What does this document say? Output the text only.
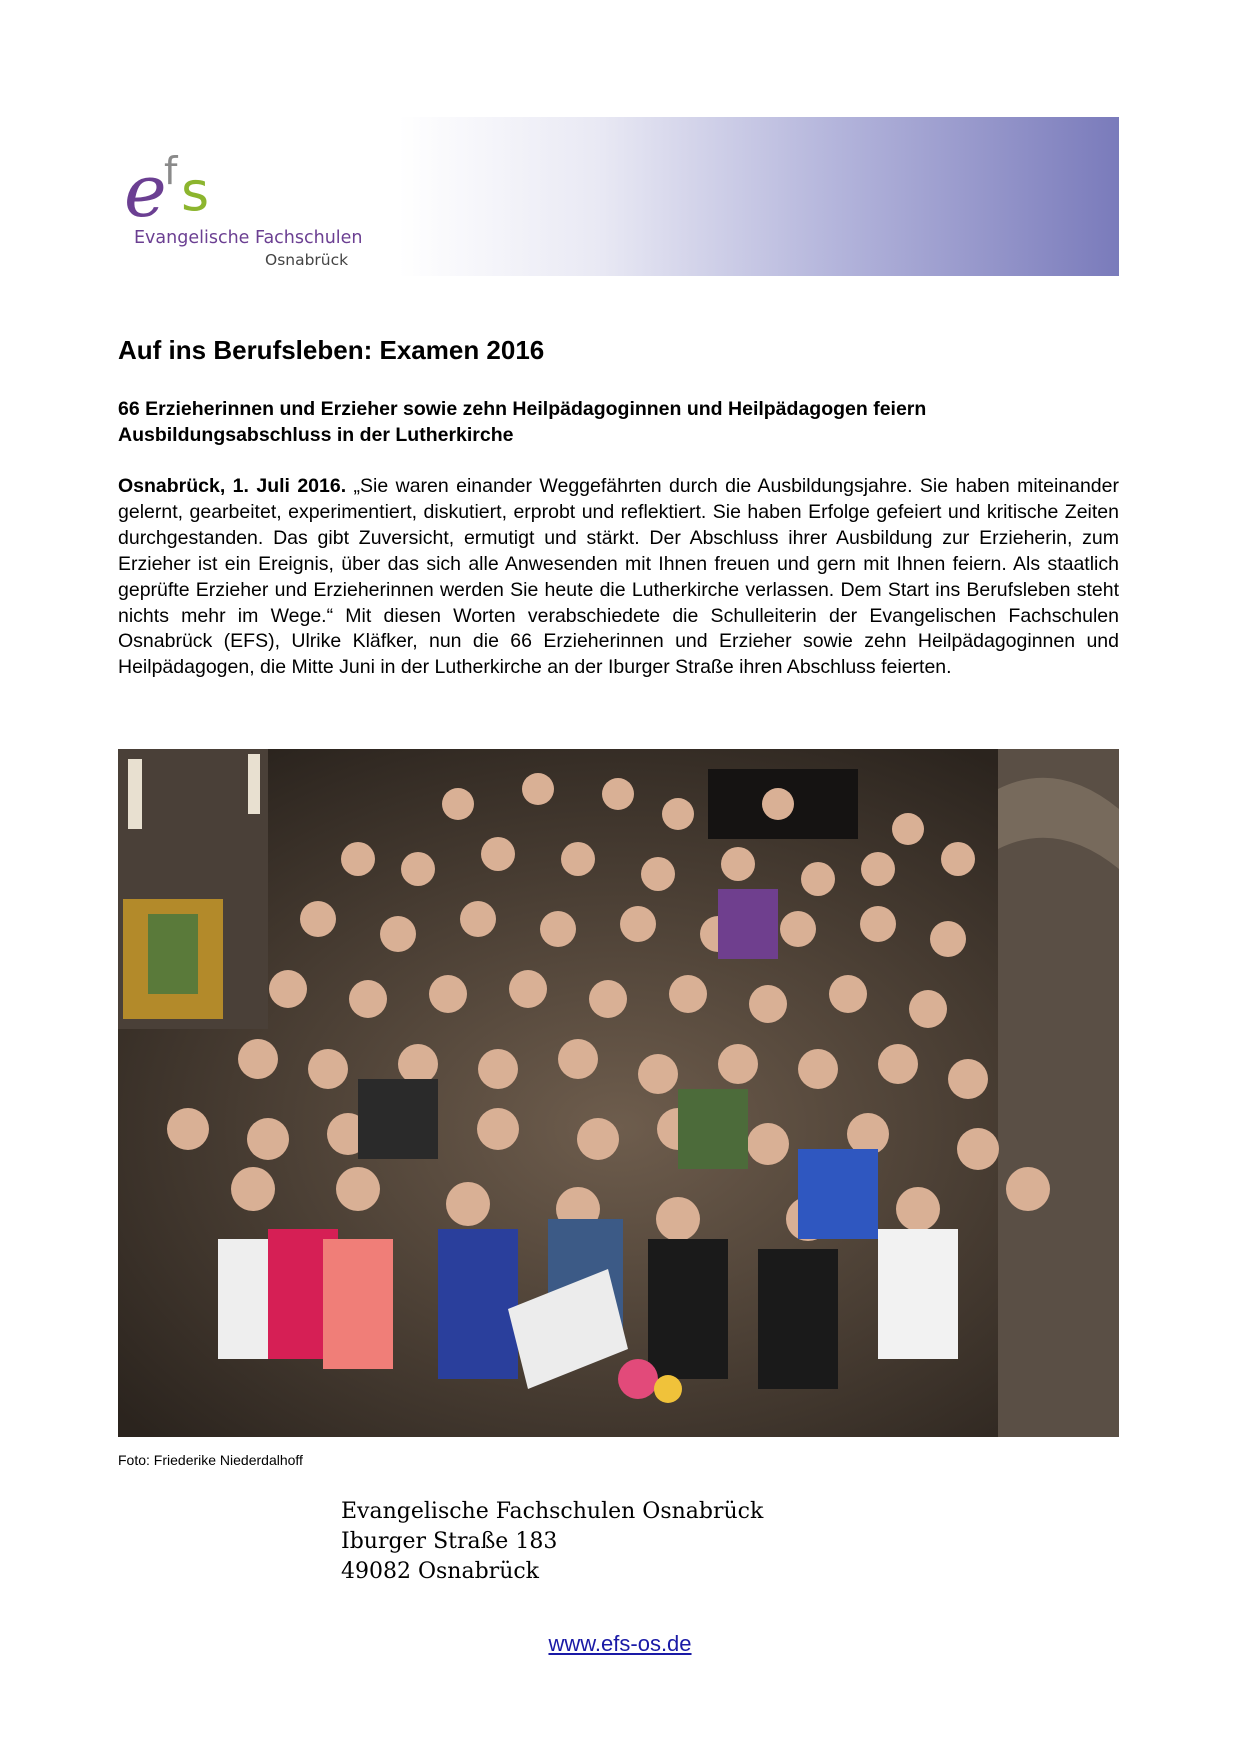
e
f s
Evangelische Fachschulen
Osnabrück
Auf ins Berufsleben: Examen 2016
66 Erzieherinnen und Erzieher sowie zehn Heilpädagoginnen und Heilpädagogen feiern Ausbildungsabschluss in der Lutherkirche

Osnabrück, 1. Juli 2016. „Sie waren einander Weggefährten durch die Ausbildungsjahre. Sie haben miteinander gelernt, gearbeitet, experimentiert, diskutiert, erprobt und reflektiert. Sie haben Erfolge gefeiert und kritische Zeiten durchgestanden. Das gibt Zuversicht, ermutigt und stärkt. Der Abschluss ihrer Ausbildung zur Erzieherin, zum Erzieher ist ein Ereignis, über das sich alle Anwesenden mit Ihnen freuen und gern mit Ihnen feiern. Als staatlich geprüfte Erzieher und Erzieherinnen werden Sie heute die Lutherkirche verlassen. Dem Start ins Berufsleben steht nichts mehr im Wege.“ Mit diesen Worten verabschiedete die Schulleiterin der Evangelischen Fachschulen Osnabrück (EFS), Ulrike Kläfker, nun die 66 Erzieherinnen und Erzieher sowie zehn Heilpädagoginnen und Heilpädagogen, die Mitte Juni in der Lutherkirche an der Iburger Straße ihren Abschluss feierten.

Foto: Friederike Niederdalhoff
Evangelische Fachschulen Osnabrück
Iburger Straße 183
49082 Osnabrück
www.efs-os.de
